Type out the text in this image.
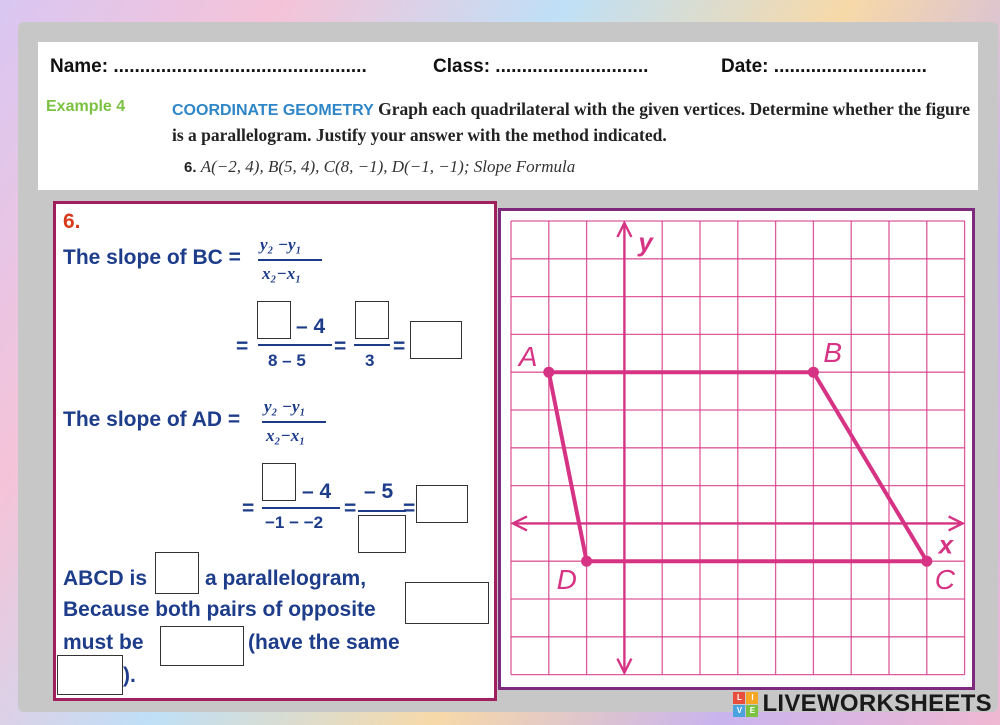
Name: ................................................	Class: .............................	Date: .............................
Example 4	COORDINATE GEOMETRY Graph each quadrilateral with the given vertices. Determine whether the figure is a parallelogram. Justify your answer with the method indicated.
6. A(−2, 4), B(5, 4), C(8, −1), D(−1, −1); Slope Formula
6.
The slope of BC =
y₂ −y₁
x₂−x₁
=
– 4
8 – 5
=
3
=
The slope of AD =
y₂ −y₁
x₂−x₁
=
– 4
−1 − −2
=
– 5
=
ABCD is	a parallelogram,
Because both pairs of opposite
must be	(have the same
).
y
x
A	B
C
D
L	I
V E LIVEWORKSHEETS
